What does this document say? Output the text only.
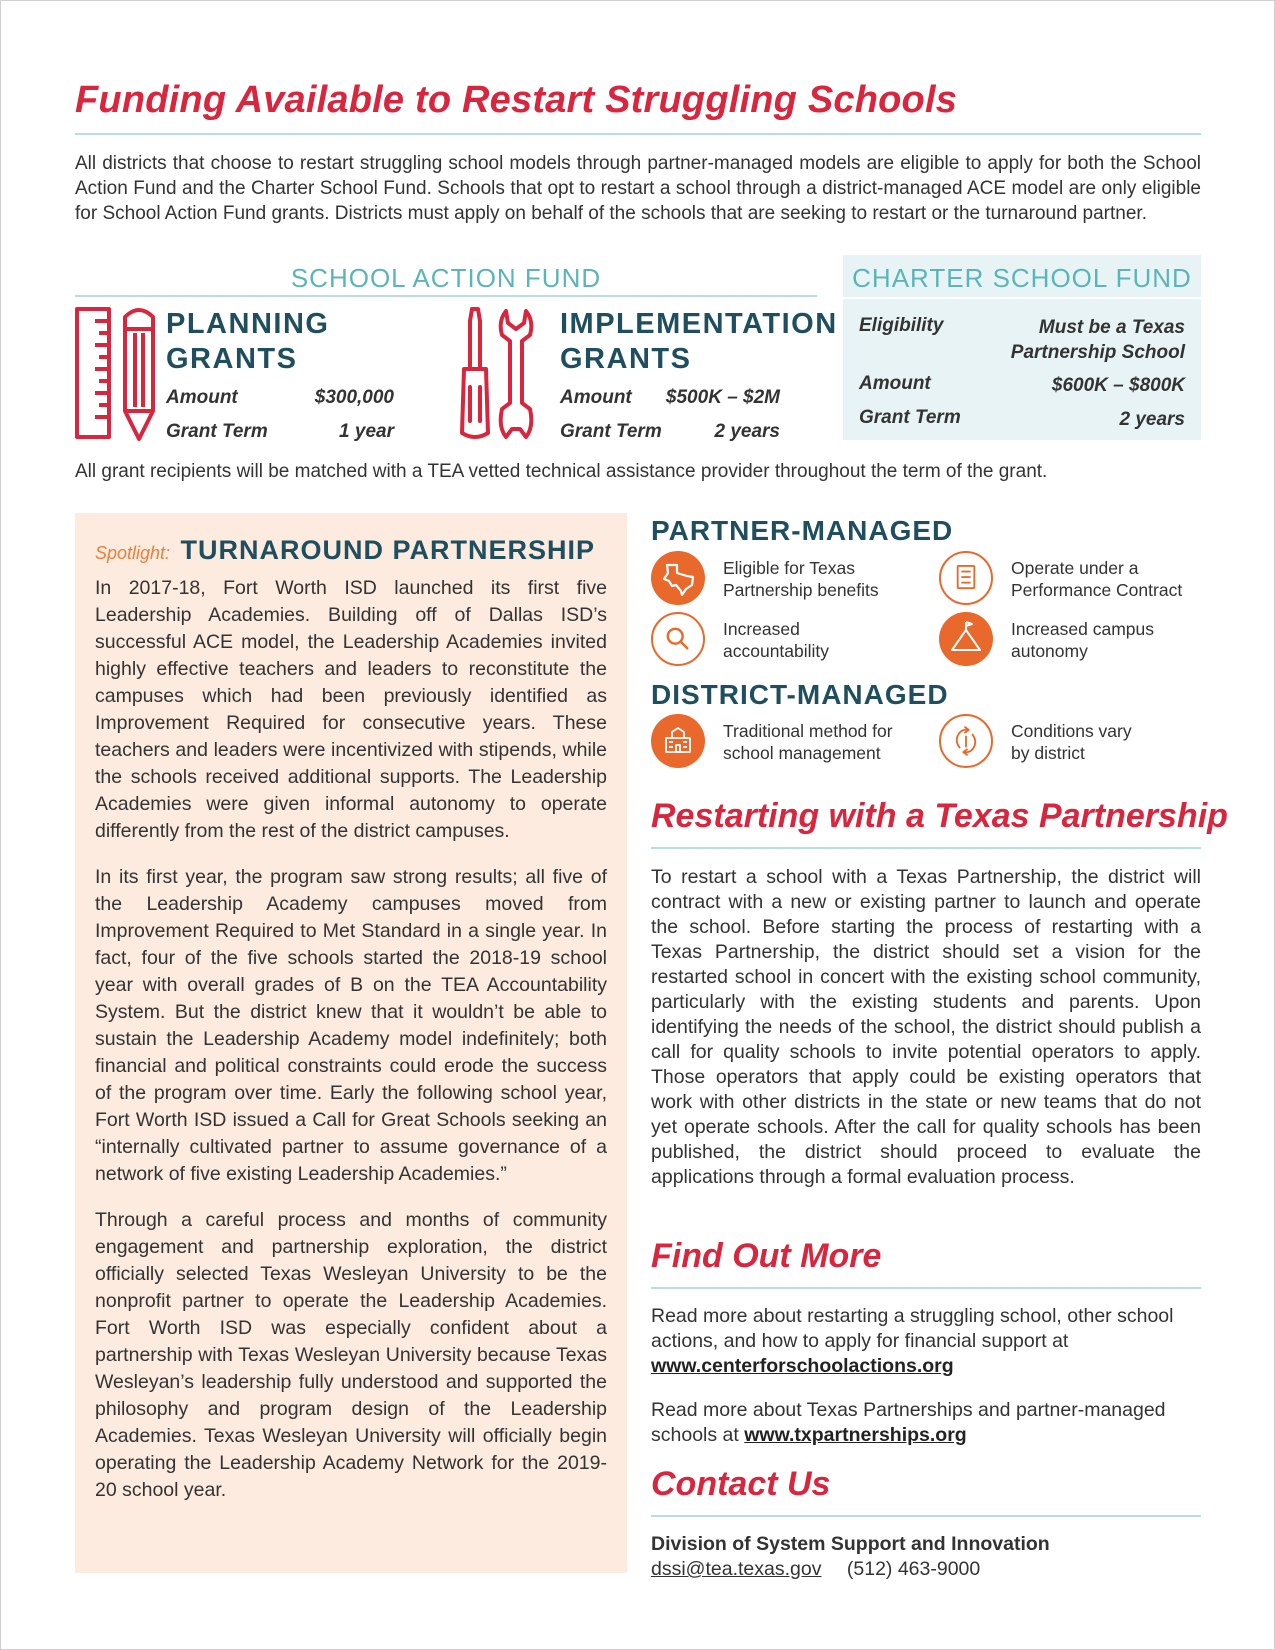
Funding Available to Restart Struggling Schools

All districts that choose to restart struggling school models through partner-managed models are eligible to apply for both the School Action Fund and the Charter School Fund. Schools that opt to restart a school through a district-managed ACE model are only eligible for School Action Fund grants. Districts must apply on behalf of the schools that are seeking to restart or the turnaround partner.

SCHOOL ACTION FUND
PLANNING
GRANTS
Amount	$300,000
Grant Term	1 year
IMPLEMENTATION
GRANTS
Amount $500K – $2M
Grant Term	2 years
CHARTER SCHOOL FUND
Eligibility	Must be a Texas
Partnership School
Amount	$600K – $800K
Grant Term	2 years

All grant recipients will be matched with a TEA vetted technical assistance provider throughout the term of the grant.

Spotlight: TURNAROUND PARTNERSHIP

In 2017-18, Fort Worth ISD launched its first five Leadership Academies. Building off of Dallas ISD’s successful ACE model, the Leadership Academies invited highly effective teachers and leaders to reconstitute the campuses which had been previously identified as Improvement Required for consecutive years. These teachers and leaders were incentivized with stipends, while the schools received additional supports. The Leadership Academies were given informal autonomy to operate differently from the rest of the district campuses.

In its first year, the program saw strong results; all five of the Leadership Academy campuses moved from Improvement Required to Met Standard in a single year. In fact, four of the five schools started the 2018-19 school year with overall grades of B on the TEA Accountability System. But the district knew that it wouldn’t be able to sustain the Leadership Academy model indefinitely; both financial and political constraints could erode the success of the program over time. Early the following school year, Fort Worth ISD issued a Call for Great Schools seeking an “internally cultivated partner to assume governance of a network of five existing Leadership Academies.”

Through a careful process and months of community engagement and partnership exploration, the district officially selected Texas Wesleyan University to be the nonprofit partner to operate the Leadership Academies. Fort Worth ISD was especially confident about a partnership with Texas Wesleyan University because Texas Wesleyan’s leadership fully understood and supported the philosophy and program design of the Leadership Academies. Texas Wesleyan University will officially begin operating the Leadership Academy Network for the 2019-20 school year.

PARTNER-MANAGED
Eligible for Texas
Partnership benefits
Operate under a
Performance Contract
Increased
accountability
Increased campus
autonomy
DISTRICT-MANAGED
Traditional method for
school management
Conditions vary
by district
Restarting with a Texas Partnership

To restart a school with a Texas Partnership, the district will contract with a new or existing partner to launch and operate the school. Before starting the process of restarting with a Texas Partnership, the district should set a vision for the restarted school in concert with the existing school community, particularly with the existing students and parents. Upon identifying the needs of the school, the district should publish a call for quality schools to invite potential operators to apply. Those operators that apply could be existing operators that work with other districts in the state or new teams that do not yet operate schools. After the call for quality schools has been published, the district should proceed to evaluate the applications through a formal evaluation process.

Find Out More

Read more about restarting a struggling school, other school actions, and how to apply for financial support at
www.centerforschoolactions.org

Read more about Texas Partnerships and partner-managed schools at www.txpartnerships.org

Contact Us
Division of System Support and Innovation
dssi@tea.texas.gov (512) 463-9000
